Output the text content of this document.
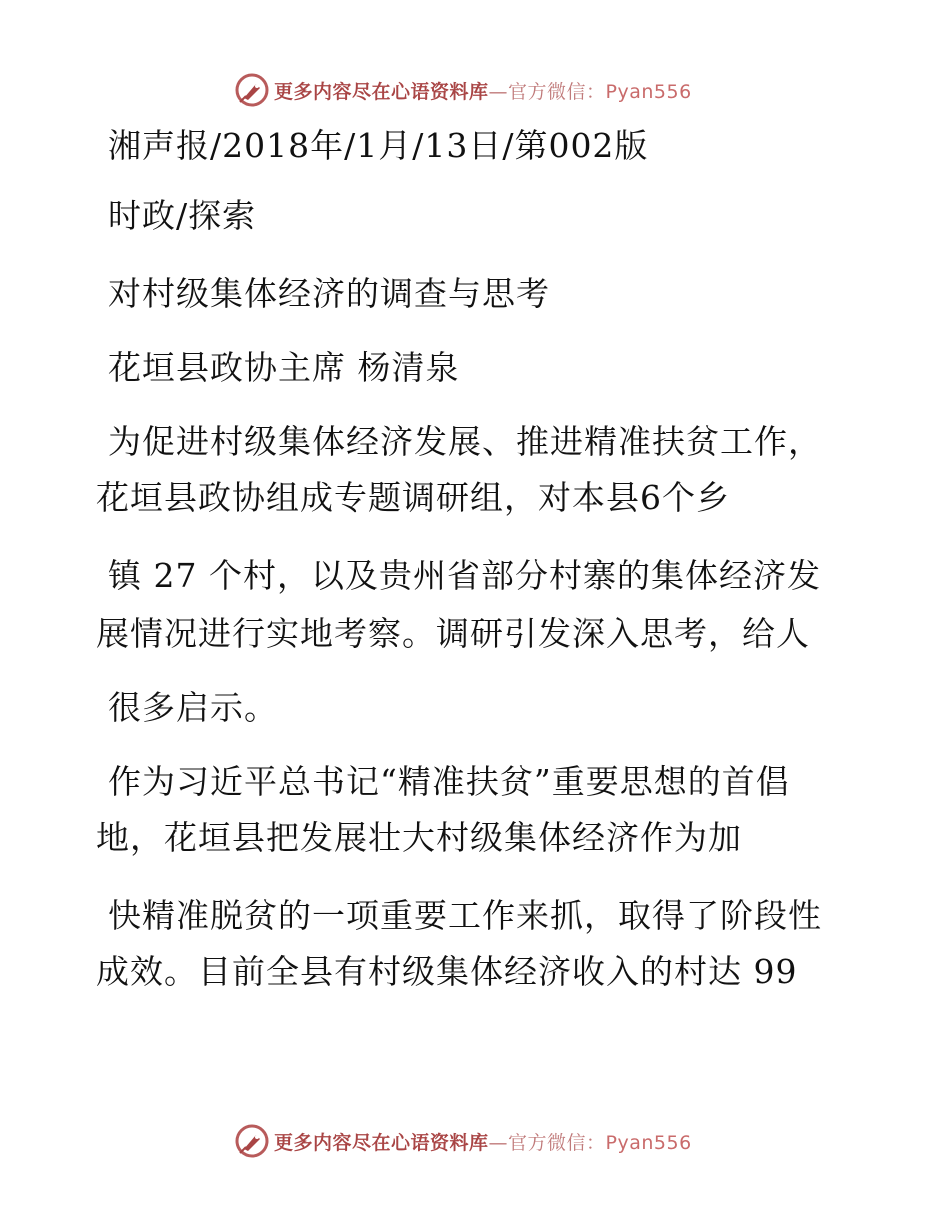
更多内容尽在心语资料库—官方微信：Pyan556
湘声报/2018年/1月/13日/第002版
时政/探索
对村级集体经济的调查与思考
花垣县政协主席 杨清泉
为促进村级集体经济发展、推进精准扶贫工作，
花垣县政协组成专题调研组，对本县6个乡
镇 27 个村，以及贵州省部分村寨的集体经济发
展情况进行实地考察。调研引发深入思考，给人
很多启示。
作为习近平总书记“精准扶贫”重要思想的首倡
地，花垣县把发展壮大村级集体经济作为加
快精准脱贫的一项重要工作来抓，取得了阶段性
成效。目前全县有村级集体经济收入的村达 99
更多内容尽在心语资料库—官方微信：Pyan556
